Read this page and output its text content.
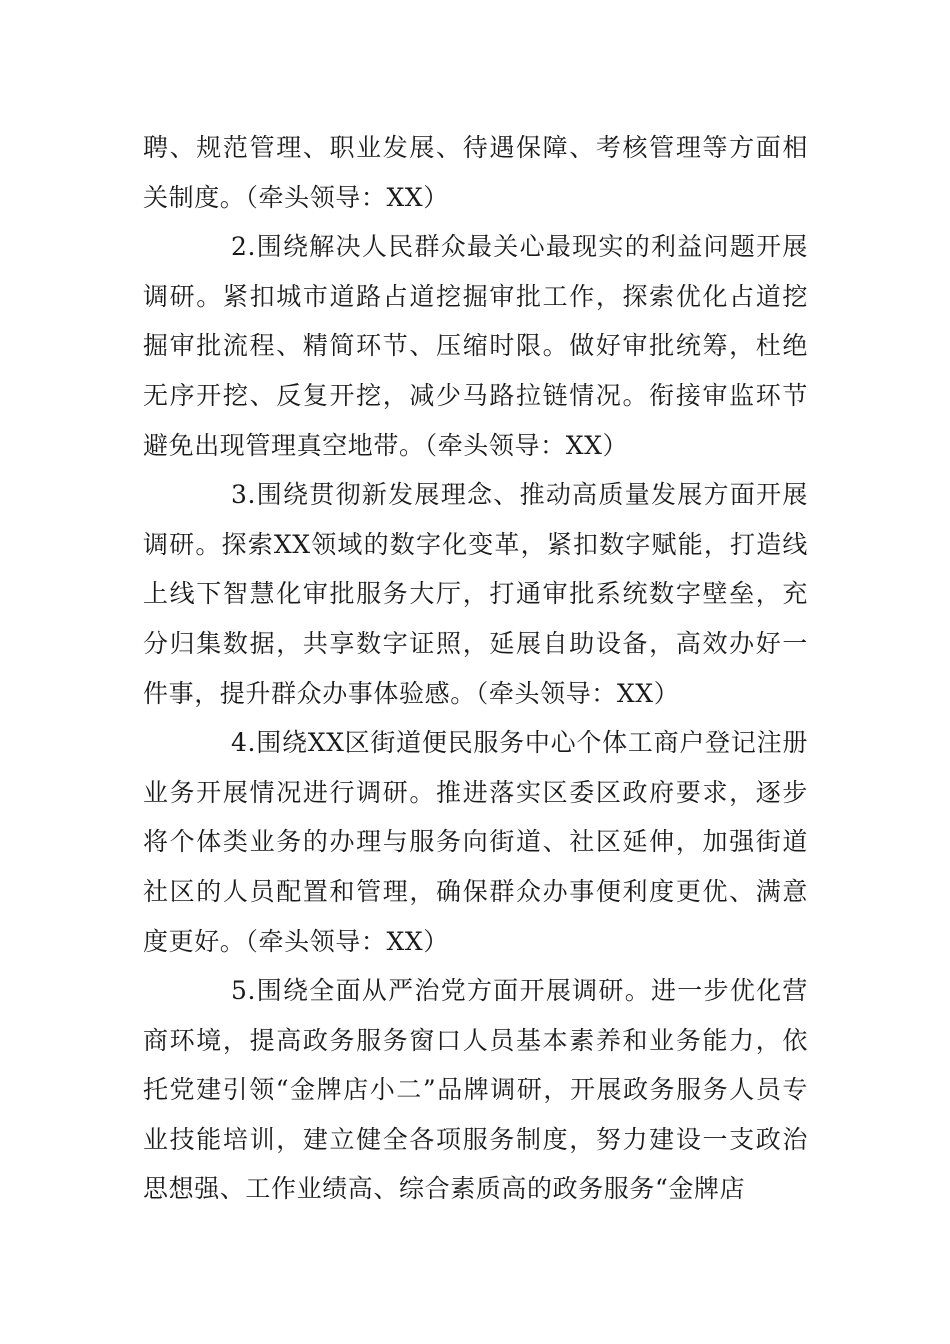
聘、规范管理、职业发展、待遇保障、考核管理等方面相关制度。（牵头领导：XX）

2.围绕解决人民群众最关心最现实的利益问题开展调研。紧扣城市道路占道挖掘审批工作，探索优化占道挖掘审批流程、精简环节、压缩时限。做好审批统筹，杜绝无序开挖、反复开挖，减少马路拉链情况。衔接审监环节避免出现管理真空地带。（牵头领导：XX）

3.围绕贯彻新发展理念、推动高质量发展方面开展调研。探索XX领域的数字化变革，紧扣数字赋能，打造线上线下智慧化审批服务大厅，打通审批系统数字壁垒，充分归集数据，共享数字证照，延展自助设备，高效办好一件事，提升群众办事体验感。（牵头领导：XX）

4.围绕XX区街道便民服务中心个体工商户登记注册业务开展情况进行调研。推进落实区委区政府要求，逐步将个体类业务的办理与服务向街道、社区延伸，加强街道社区的人员配置和管理，确保群众办事便利度更优、满意度更好。（牵头领导：XX）

5.围绕全面从严治党方面开展调研。进一步优化营商环境，提高政务服务窗口人员基本素养和业务能力，依托党建引领“金牌店小二”品牌调研，开展政务服务人员专业技能培训，建立健全各项服务制度，努力建设一支政治思想强、工作业绩高、综合素质高的政务服务“金牌店
